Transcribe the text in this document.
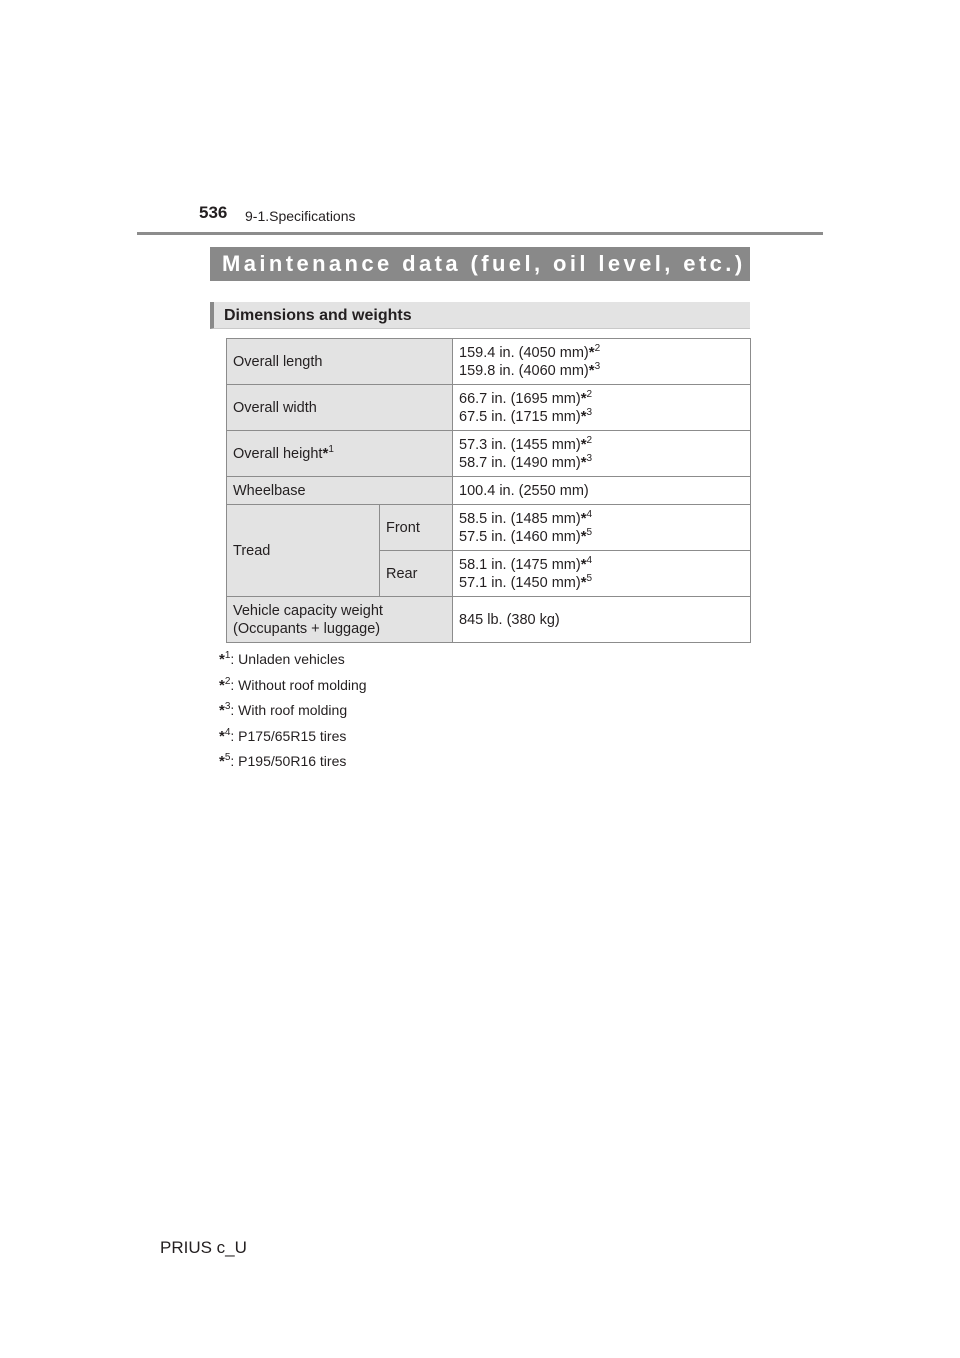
536 9-1.Specifications
Maintenance data (fuel, oil level, etc.)
Dimensions and weights
Overall length		159.4 in. (4050 mm)*$^2$
159.8 in. (4060 mm)*$^3$
Overall width		66.7 in. (1695 mm)*$^2$
67.5 in. (1715 mm)*$^3$
Overall height*$^1$		57.3 in. (1455 mm)*$^2$
58.7 in. (1490 mm)*$^3$
Wheelbase		100.4 in. (2550 mm)
Tread	Front	58.5 in. (1485 mm)*$^4$
57.5 in. (1460 mm)*$^5$
	Rear	58.1 in. (1475 mm)*$^4$
57.1 in. (1450 mm)*$^5$
Vehicle capacity weight
(Occupants + luggage)		845 lb. (380 kg)
*$^1$: Unladen vehicles
*$^2$: Without roof molding
*$^3$: With roof molding
*$^4$: P175/65R15 tires
*$^5$: P195/50R16 tires
PRIUS c_U
